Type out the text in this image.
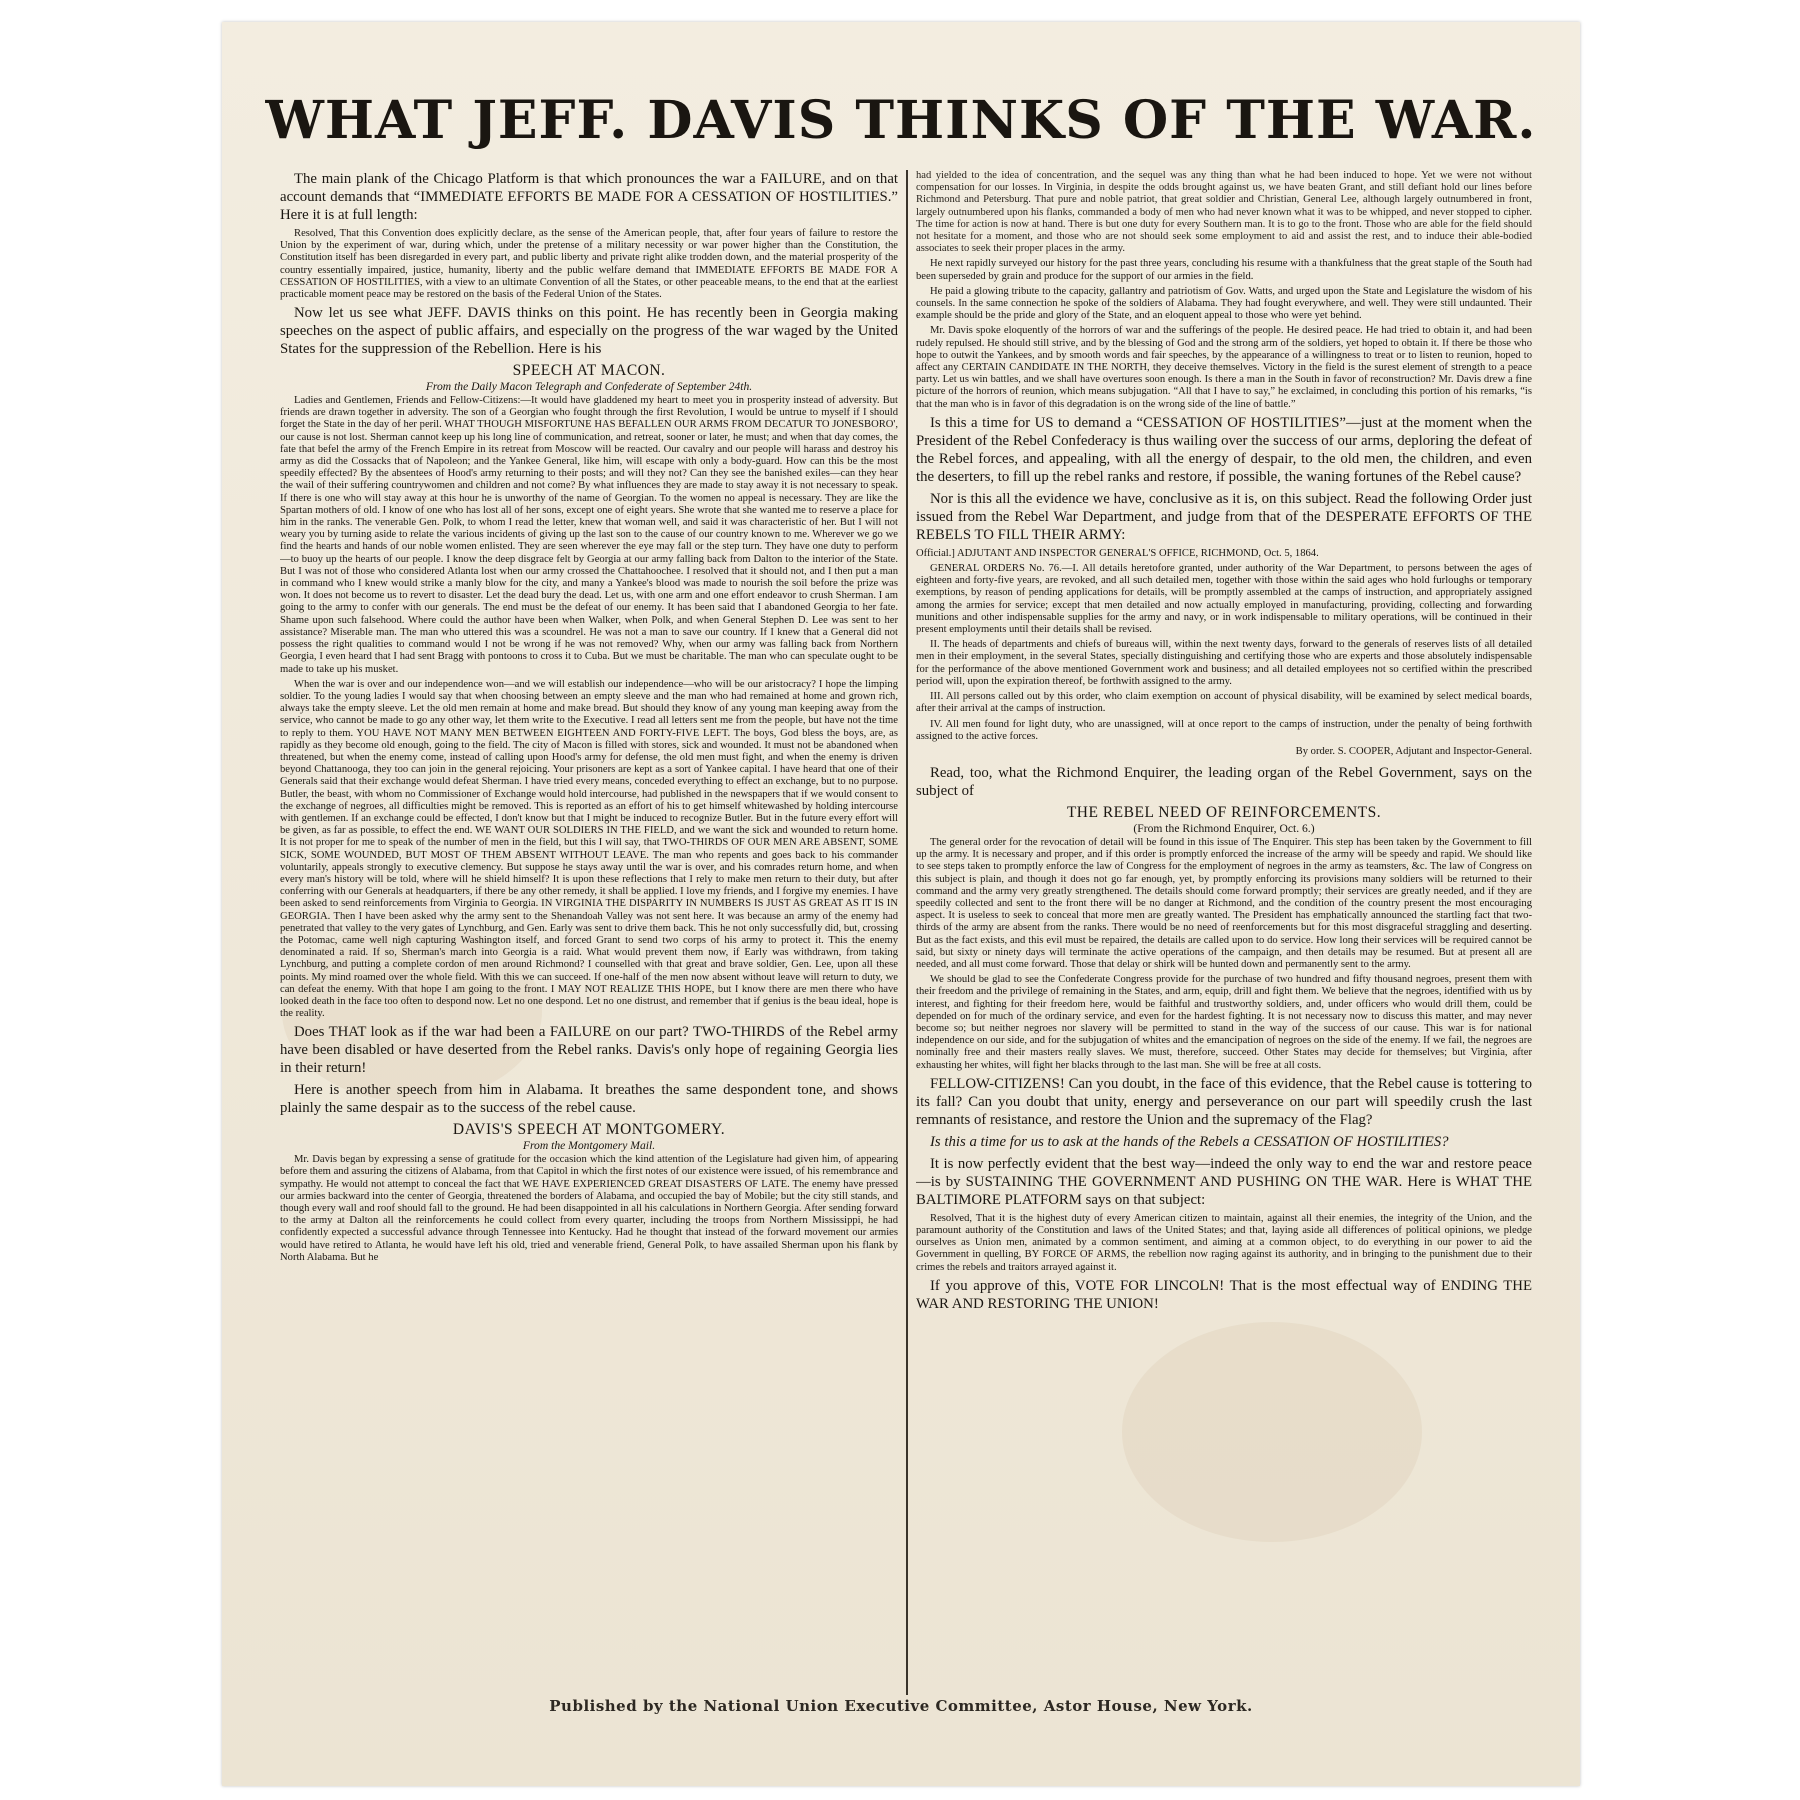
WHAT JEFF. DAVIS THINKS OF THE WAR.

The main plank of the Chicago Platform is that which pronounces the war a FAILURE, and on that account demands that “IMMEDIATE EFFORTS BE MADE FOR A CESSATION OF HOSTILITIES.” Here it is at full length:

Resolved, That this Convention does explicitly declare, as the sense of the American people, that, after four years of failure to restore the Union by the experiment of war, during which, under the pretense of a military necessity or war power higher than the Constitution, the Constitution itself has been disregarded in every part, and public liberty and private right alike trodden down, and the material prosperity of the country essentially impaired, justice, humanity, liberty and the public welfare demand that IMMEDIATE EFFORTS BE MADE FOR A CESSATION OF HOSTILITIES, with a view to an ultimate Convention of all the States, or other peaceable means, to the end that at the earliest practicable moment peace may be restored on the basis of the Federal Union of the States.

Now let us see what JEFF. DAVIS thinks on this point. He has recently been in Georgia making speeches on the aspect of public affairs, and especially on the progress of the war waged by the United States for the suppression of the Rebellion. Here is his

SPEECH AT MACON.

From the Daily Macon Telegraph and Confederate of September 24th.

Ladies and Gentlemen, Friends and Fellow-Citizens:—It would have gladdened my heart to meet you in prosperity instead of adversity. But friends are drawn together in adversity. The son of a Georgian who fought through the first Revolution, I would be untrue to myself if I should forget the State in the day of her peril. WHAT THOUGH MISFORTUNE HAS BEFALLEN OUR ARMS FROM DECATUR TO JONESBORO', our cause is not lost. Sherman cannot keep up his long line of communication, and retreat, sooner or later, he must; and when that day comes, the fate that befel the army of the French Empire in its retreat from Moscow will be reacted. Our cavalry and our people will harass and destroy his army as did the Cossacks that of Napoleon; and the Yankee General, like him, will escape with only a body-guard. How can this be the most speedily effected? By the absentees of Hood's army returning to their posts; and will they not? Can they see the banished exiles—can they hear the wail of their suffering countrywomen and children and not come? By what influences they are made to stay away it is not necessary to speak. If there is one who will stay away at this hour he is unworthy of the name of Georgian. To the women no appeal is necessary. They are like the Spartan mothers of old. I know of one who has lost all of her sons, except one of eight years. She wrote that she wanted me to reserve a place for him in the ranks. The venerable Gen. Polk, to whom I read the letter, knew that woman well, and said it was characteristic of her. But I will not weary you by turning aside to relate the various incidents of giving up the last son to the cause of our country known to me. Wherever we go we find the hearts and hands of our noble women enlisted. They are seen wherever the eye may fall or the step turn. They have one duty to perform—to buoy up the hearts of our people. I know the deep disgrace felt by Georgia at our army falling back from Dalton to the interior of the State. But I was not of those who considered Atlanta lost when our army crossed the Chattahoochee. I resolved that it should not, and I then put a man in command who I knew would strike a manly blow for the city, and many a Yankee's blood was made to nourish the soil before the prize was won. It does not become us to revert to disaster. Let the dead bury the dead. Let us, with one arm and one effort endeavor to crush Sherman. I am going to the army to confer with our generals. The end must be the defeat of our enemy. It has been said that I abandoned Georgia to her fate. Shame upon such falsehood. Where could the author have been when Walker, when Polk, and when General Stephen D. Lee was sent to her assistance? Miserable man. The man who uttered this was a scoundrel. He was not a man to save our country. If I knew that a General did not possess the right qualities to command would I not be wrong if he was not removed? Why, when our army was falling back from Northern Georgia, I even heard that I had sent Bragg with pontoons to cross it to Cuba. But we must be charitable. The man who can speculate ought to be made to take up his musket.

When the war is over and our independence won—and we will establish our independence—who will be our aristocracy? I hope the limping soldier. To the young ladies I would say that when choosing between an empty sleeve and the man who had remained at home and grown rich, always take the empty sleeve. Let the old men remain at home and make bread. But should they know of any young man keeping away from the service, who cannot be made to go any other way, let them write to the Executive. I read all letters sent me from the people, but have not the time to reply to them. YOU HAVE NOT MANY MEN BETWEEN EIGHTEEN AND FORTY-FIVE LEFT. The boys, God bless the boys, are, as rapidly as they become old enough, going to the field. The city of Macon is filled with stores, sick and wounded. It must not be abandoned when threatened, but when the enemy come, instead of calling upon Hood's army for defense, the old men must fight, and when the enemy is driven beyond Chattanooga, they too can join in the general rejoicing. Your prisoners are kept as a sort of Yankee capital. I have heard that one of their Generals said that their exchange would defeat Sherman. I have tried every means, conceded everything to effect an exchange, but to no purpose. Butler, the beast, with whom no Commissioner of Exchange would hold intercourse, had published in the newspapers that if we would consent to the exchange of negroes, all difficulties might be removed. This is reported as an effort of his to get himself whitewashed by holding intercourse with gentlemen. If an exchange could be effected, I don't know but that I might be induced to recognize Butler. But in the future every effort will be given, as far as possible, to effect the end. WE WANT OUR SOLDIERS IN THE FIELD, and we want the sick and wounded to return home. It is not proper for me to speak of the number of men in the field, but this I will say, that TWO-THIRDS OF OUR MEN ARE ABSENT, SOME SICK, SOME WOUNDED, BUT MOST OF THEM ABSENT WITHOUT LEAVE. The man who repents and goes back to his commander voluntarily, appeals strongly to executive clemency. But suppose he stays away until the war is over, and his comrades return home, and when every man's history will be told, where will he shield himself? It is upon these reflections that I rely to make men return to their duty, but after conferring with our Generals at headquarters, if there be any other remedy, it shall be applied. I love my friends, and I forgive my enemies. I have been asked to send reinforcements from Virginia to Georgia. IN VIRGINIA THE DISPARITY IN NUMBERS IS JUST AS GREAT AS IT IS IN GEORGIA. Then I have been asked why the army sent to the Shenandoah Valley was not sent here. It was because an army of the enemy had penetrated that valley to the very gates of Lynchburg, and Gen. Early was sent to drive them back. This he not only successfully did, but, crossing the Potomac, came well nigh capturing Washington itself, and forced Grant to send two corps of his army to protect it. This the enemy denominated a raid. If so, Sherman's march into Georgia is a raid. What would prevent them now, if Early was withdrawn, from taking Lynchburg, and putting a complete cordon of men around Richmond? I counselled with that great and brave soldier, Gen. Lee, upon all these points. My mind roamed over the whole field. With this we can succeed. If one-half of the men now absent without leave will return to duty, we can defeat the enemy. With that hope I am going to the front. I MAY NOT REALIZE THIS HOPE, but I know there are men there who have looked death in the face too often to despond now. Let no one despond. Let no one distrust, and remember that if genius is the beau ideal, hope is the reality.

Does THAT look as if the war had been a FAILURE on our part? TWO-THIRDS of the Rebel army have been disabled or have deserted from the Rebel ranks. Davis's only hope of regaining Georgia lies in their return!

Here is another speech from him in Alabama. It breathes the same despondent tone, and shows plainly the same despair as to the success of the rebel cause.

DAVIS'S SPEECH AT MONTGOMERY.

From the Montgomery Mail.

Mr. Davis began by expressing a sense of gratitude for the occasion which the kind attention of the Legislature had given him, of appearing before them and assuring the citizens of Alabama, from that Capitol in which the first notes of our existence were issued, of his remembrance and sympathy. He would not attempt to conceal the fact that WE HAVE EXPERIENCED GREAT DISASTERS OF LATE. The enemy have pressed our armies backward into the center of Georgia, threatened the borders of Alabama, and occupied the bay of Mobile; but the city still stands, and though every wall and roof should fall to the ground. He had been disappointed in all his calculations in Northern Georgia. After sending forward to the army at Dalton all the reinforcements he could collect from every quarter, including the troops from Northern Mississippi, he had confidently expected a successful advance through Tennessee into Kentucky. Had he thought that instead of the forward movement our armies would have retired to Atlanta, he would have left his old, tried and venerable friend, General Polk, to have assailed Sherman upon his flank by North Alabama. But he

had yielded to the idea of concentration, and the sequel was any thing than what he had been induced to hope. Yet we were not without compensation for our losses. In Virginia, in despite the odds brought against us, we have beaten Grant, and still defiant hold our lines before Richmond and Petersburg. That pure and noble patriot, that great soldier and Christian, General Lee, although largely outnumbered in front, largely outnumbered upon his flanks, commanded a body of men who had never known what it was to be whipped, and never stopped to cipher. The time for action is now at hand. There is but one duty for every Southern man. It is to go to the front. Those who are able for the field should not hesitate for a moment, and those who are not should seek some employment to aid and assist the rest, and to induce their able-bodied associates to seek their proper places in the army.

He next rapidly surveyed our history for the past three years, concluding his resume with a thankfulness that the great staple of the South had been superseded by grain and produce for the support of our armies in the field.

He paid a glowing tribute to the capacity, gallantry and patriotism of Gov. Watts, and urged upon the State and Legislature the wisdom of his counsels. In the same connection he spoke of the soldiers of Alabama. They had fought everywhere, and well. They were still undaunted. Their example should be the pride and glory of the State, and an eloquent appeal to those who were yet behind.

Mr. Davis spoke eloquently of the horrors of war and the sufferings of the people. He desired peace. He had tried to obtain it, and had been rudely repulsed. He should still strive, and by the blessing of God and the strong arm of the soldiers, yet hoped to obtain it. If there be those who hope to outwit the Yankees, and by smooth words and fair speeches, by the appearance of a willingness to treat or to listen to reunion, hoped to affect any CERTAIN CANDIDATE IN THE NORTH, they deceive themselves. Victory in the field is the surest element of strength to a peace party. Let us win battles, and we shall have overtures soon enough. Is there a man in the South in favor of reconstruction? Mr. Davis drew a fine picture of the horrors of reunion, which means subjugation. “All that I have to say,” he exclaimed, in concluding this portion of his remarks, “is that the man who is in favor of this degradation is on the wrong side of the line of battle.”

Is this a time for US to demand a “CESSATION OF HOSTILITIES”—just at the moment when the President of the Rebel Confederacy is thus wailing over the success of our arms, deploring the defeat of the Rebel forces, and appealing, with all the energy of despair, to the old men, the children, and even the deserters, to fill up the rebel ranks and restore, if possible, the waning fortunes of the Rebel cause?

Nor is this all the evidence we have, conclusive as it is, on this subject. Read the following Order just issued from the Rebel War Department, and judge from that of the DESPERATE EFFORTS OF THE REBELS TO FILL THEIR ARMY:

Official.] ADJUTANT AND INSPECTOR GENERAL'S OFFICE, RICHMOND, Oct. 5, 1864.

GENERAL ORDERS No. 76.—I. All details heretofore granted, under authority of the War Department, to persons between the ages of eighteen and forty-five years, are revoked, and all such detailed men, together with those within the said ages who hold furloughs or temporary exemptions, by reason of pending applications for details, will be promptly assembled at the camps of instruction, and appropriately assigned among the armies for service; except that men detailed and now actually employed in manufacturing, providing, collecting and forwarding munitions and other indispensable supplies for the army and navy, or in work indispensable to military operations, will be continued in their present employments until their details shall be revised.

II. The heads of departments and chiefs of bureaus will, within the next twenty days, forward to the generals of reserves lists of all detailed men in their employment, in the several States, specially distinguishing and certifying those who are experts and those absolutely indispensable for the performance of the above mentioned Government work and business; and all detailed employees not so certified within the prescribed period will, upon the expiration thereof, be forthwith assigned to the army.

III. All persons called out by this order, who claim exemption on account of physical disability, will be examined by select medical boards, after their arrival at the camps of instruction.

IV. All men found for light duty, who are unassigned, will at once report to the camps of instruction, under the penalty of being forthwith assigned to the active forces.

By order. S. COOPER, Adjutant and Inspector-General.

Read, too, what the Richmond Enquirer, the leading organ of the Rebel Government, says on the subject of

THE REBEL NEED OF REINFORCEMENTS.

(From the Richmond Enquirer, Oct. 6.)

The general order for the revocation of detail will be found in this issue of The Enquirer. This step has been taken by the Government to fill up the army. It is necessary and proper, and if this order is promptly enforced the increase of the army will be speedy and rapid. We should like to see steps taken to promptly enforce the law of Congress for the employment of negroes in the army as teamsters, &c. The law of Congress on this subject is plain, and though it does not go far enough, yet, by promptly enforcing its provisions many soldiers will be returned to their command and the army very greatly strengthened. The details should come forward promptly; their services are greatly needed, and if they are speedily collected and sent to the front there will be no danger at Richmond, and the condition of the country present the most encouraging aspect. It is useless to seek to conceal that more men are greatly wanted. The President has emphatically announced the startling fact that two-thirds of the army are absent from the ranks. There would be no need of reenforcements but for this most disgraceful straggling and deserting. But as the fact exists, and this evil must be repaired, the details are called upon to do service. How long their services will be required cannot be said, but sixty or ninety days will terminate the active operations of the campaign, and then details may be resumed. But at present all are needed, and all must come forward. Those that delay or shirk will be hunted down and permanently sent to the army.

We should be glad to see the Confederate Congress provide for the purchase of two hundred and fifty thousand negroes, present them with their freedom and the privilege of remaining in the States, and arm, equip, drill and fight them. We believe that the negroes, identified with us by interest, and fighting for their freedom here, would be faithful and trustworthy soldiers, and, under officers who would drill them, could be depended on for much of the ordinary service, and even for the hardest fighting. It is not necessary now to discuss this matter, and may never become so; but neither negroes nor slavery will be permitted to stand in the way of the success of our cause. This war is for national independence on our side, and for the subjugation of whites and the emancipation of negroes on the side of the enemy. If we fail, the negroes are nominally free and their masters really slaves. We must, therefore, succeed. Other States may decide for themselves; but Virginia, after exhausting her whites, will fight her blacks through to the last man. She will be free at all costs.

FELLOW-CITIZENS! Can you doubt, in the face of this evidence, that the Rebel cause is tottering to its fall? Can you doubt that unity, energy and perseverance on our part will speedily crush the last remnants of resistance, and restore the Union and the supremacy of the Flag?

Is this a time for us to ask at the hands of the Rebels a CESSATION OF HOSTILITIES?

It is now perfectly evident that the best way—indeed the only way to end the war and restore peace—is by SUSTAINING THE GOVERNMENT AND PUSHING ON THE WAR. Here is WHAT THE BALTIMORE PLATFORM says on that subject:

Resolved, That it is the highest duty of every American citizen to maintain, against all their enemies, the integrity of the Union, and the paramount authority of the Constitution and laws of the United States; and that, laying aside all differences of political opinions, we pledge ourselves as Union men, animated by a common sentiment, and aiming at a common object, to do everything in our power to aid the Government in quelling, BY FORCE OF ARMS, the rebellion now raging against its authority, and in bringing to the punishment due to their crimes the rebels and traitors arrayed against it.

If you approve of this, VOTE FOR LINCOLN! That is the most effectual way of ENDING THE WAR AND RESTORING THE UNION!

Published by the National Union Executive Committee, Astor House, New York.
